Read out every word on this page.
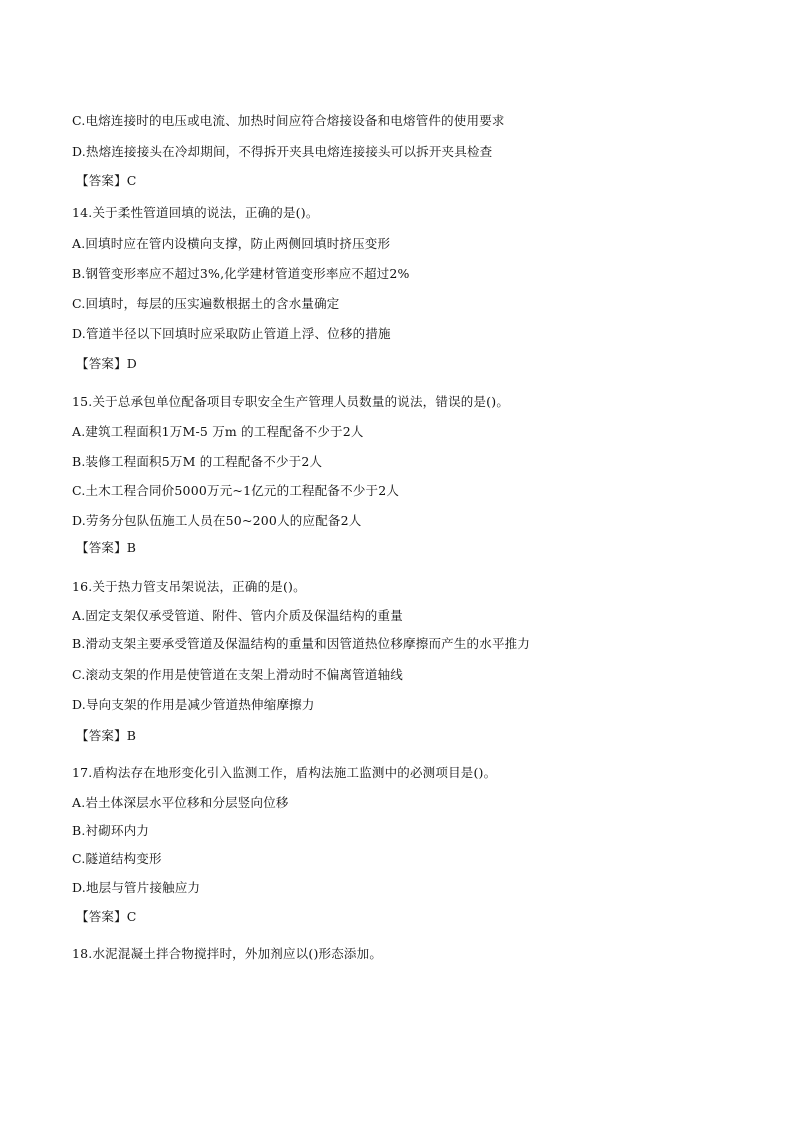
C.电熔连接时的电压或电流、加热时间应符合熔接设备和电熔管件的使用要求
D.热熔连接接头在冷却期间，不得拆开夹具电熔连接接头可以拆开夹具检查
【答案】C
14.关于柔性管道回填的说法，正确的是()。
A.回填时应在管内设横向支撑，防止两侧回填时挤压变形
B.钢管变形率应不超过3%,化学建材管道变形率应不超过2%
C.回填时，每层的压实遍数根据土的含水量确定
D.管道半径以下回填时应采取防止管道上浮、位移的措施
【答案】D
15.关于总承包单位配备项目专职安全生产管理人员数量的说法，错误的是()。
A.建筑工程面积1万M-5 万m 的工程配备不少于2人
B.装修工程面积5万M 的工程配备不少于2人
C.土木工程合同价5000万元~1亿元的工程配备不少于2人
D.劳务分包队伍施工人员在50~200人的应配备2人
【答案】B
16.关于热力管支吊架说法，正确的是()。
A.固定支架仅承受管道、附件、管内介质及保温结构的重量
B.滑动支架主要承受管道及保温结构的重量和因管道热位移摩擦而产生的水平推力
C.滚动支架的作用是使管道在支架上滑动时不偏离管道轴线
D.导向支架的作用是减少管道热伸缩摩擦力
【答案】B
17.盾构法存在地形变化引入监测工作，盾构法施工监测中的必测项目是()。
A.岩土体深层水平位移和分层竖向位移
B.衬砌环内力
C.隧道结构变形
D.地层与管片接触应力
【答案】C
18.水泥混凝土拌合物搅拌时，外加剂应以()形态添加。
